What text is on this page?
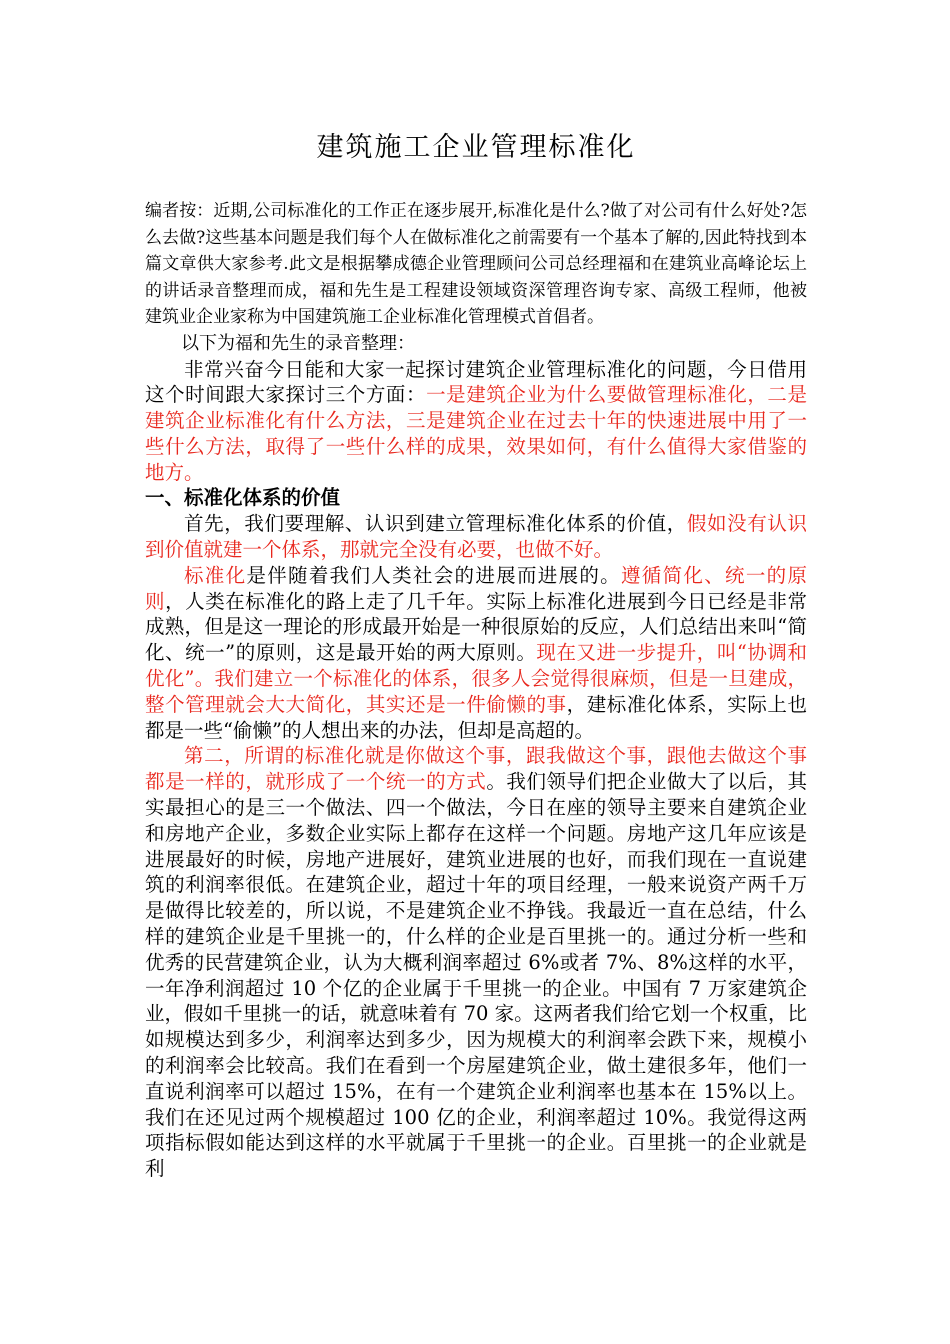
建筑施工企业管理标准化

编者按：近期,公司标准化的工作正在逐步展开,标准化是什么?做了对公司有什么好处?怎么去做?这些基本问题是我们每个人在做标准化之前需要有一个基本了解的,因此特找到本篇文章供大家参考.此文是根据攀成德企业管理顾问公司总经理福和在建筑业高峰论坛上的讲话录音整理而成，福和先生是工程建设领域资深管理咨询专家、高级工程师，他被建筑业企业家称为中国建筑施工企业标准化管理模式首倡者。

以下为福和先生的录音整理：

非常兴奋今日能和大家一起探讨建筑企业管理标准化的问题，今日借用这个时间跟大家探讨三个方面：一是建筑企业为什么要做管理标准化，二是建筑企业标准化有什么方法，三是建筑企业在过去十年的快速进展中用了一些什么方法，取得了一些什么样的成果，效果如何，有什么值得大家借鉴的地方。

一、标准化体系的价值

首先，我们要理解、认识到建立管理标准化体系的价值，假如没有认识到价值就建一个体系，那就完全没有必要，也做不好。

标准化是伴随着我们人类社会的进展而进展的。遵循简化、统一的原则，人类在标准化的路上走了几千年。实际上标准化进展到今日已经是非常成熟，但是这一理论的形成最开始是一种很原始的反应，人们总结出来叫“简化、统一”的原则，这是最开始的两大原则。现在又进一步提升，叫“协调和优化”。我们建立一个标准化的体系，很多人会觉得很麻烦，但是一旦建成，整个管理就会大大简化，其实还是一件偷懒的事，建标准化体系，实际上也都是一些“偷懒”的人想出来的办法，但却是高超的。

第二，所谓的标准化就是你做这个事，跟我做这个事，跟他去做这个事都是一样的，就形成了一个统一的方式。我们领导们把企业做大了以后，其实最担心的是三一个做法、四一个做法，今日在座的领导主要来自建筑企业和房地产企业，多数企业实际上都存在这样一个问题。房地产这几年应该是进展最好的时候，房地产进展好，建筑业进展的也好，而我们现在一直说建筑的利润率很低。在建筑企业，超过十年的项目经理，一般来说资产两千万是做得比较差的，所以说，不是建筑企业不挣钱。我最近一直在总结，什么样的建筑企业是千里挑一的，什么样的企业是百里挑一的。通过分析一些和优秀的民营建筑企业，认为大概利润率超过 6%或者 7%、8%这样的水平，一年净利润超过 10 个亿的企业属于千里挑一的企业。中国有 7 万家建筑企业，假如千里挑一的话，就意味着有 70 家。这两者我们给它划一个权重，比如规模达到多少，利润率达到多少，因为规模大的利润率会跌下来，规模小的利润率会比较高。我们在看到一个房屋建筑企业，做土建很多年，他们一直说利润率可以超过 15%，在有一个建筑企业利润率也基本在 15%以上。我们在还见过两个规模超过 100 亿的企业，利润率超过 10%。我觉得这两项指标假如能达到这样的水平就属于千里挑一的企业。百里挑一的企业就是利
